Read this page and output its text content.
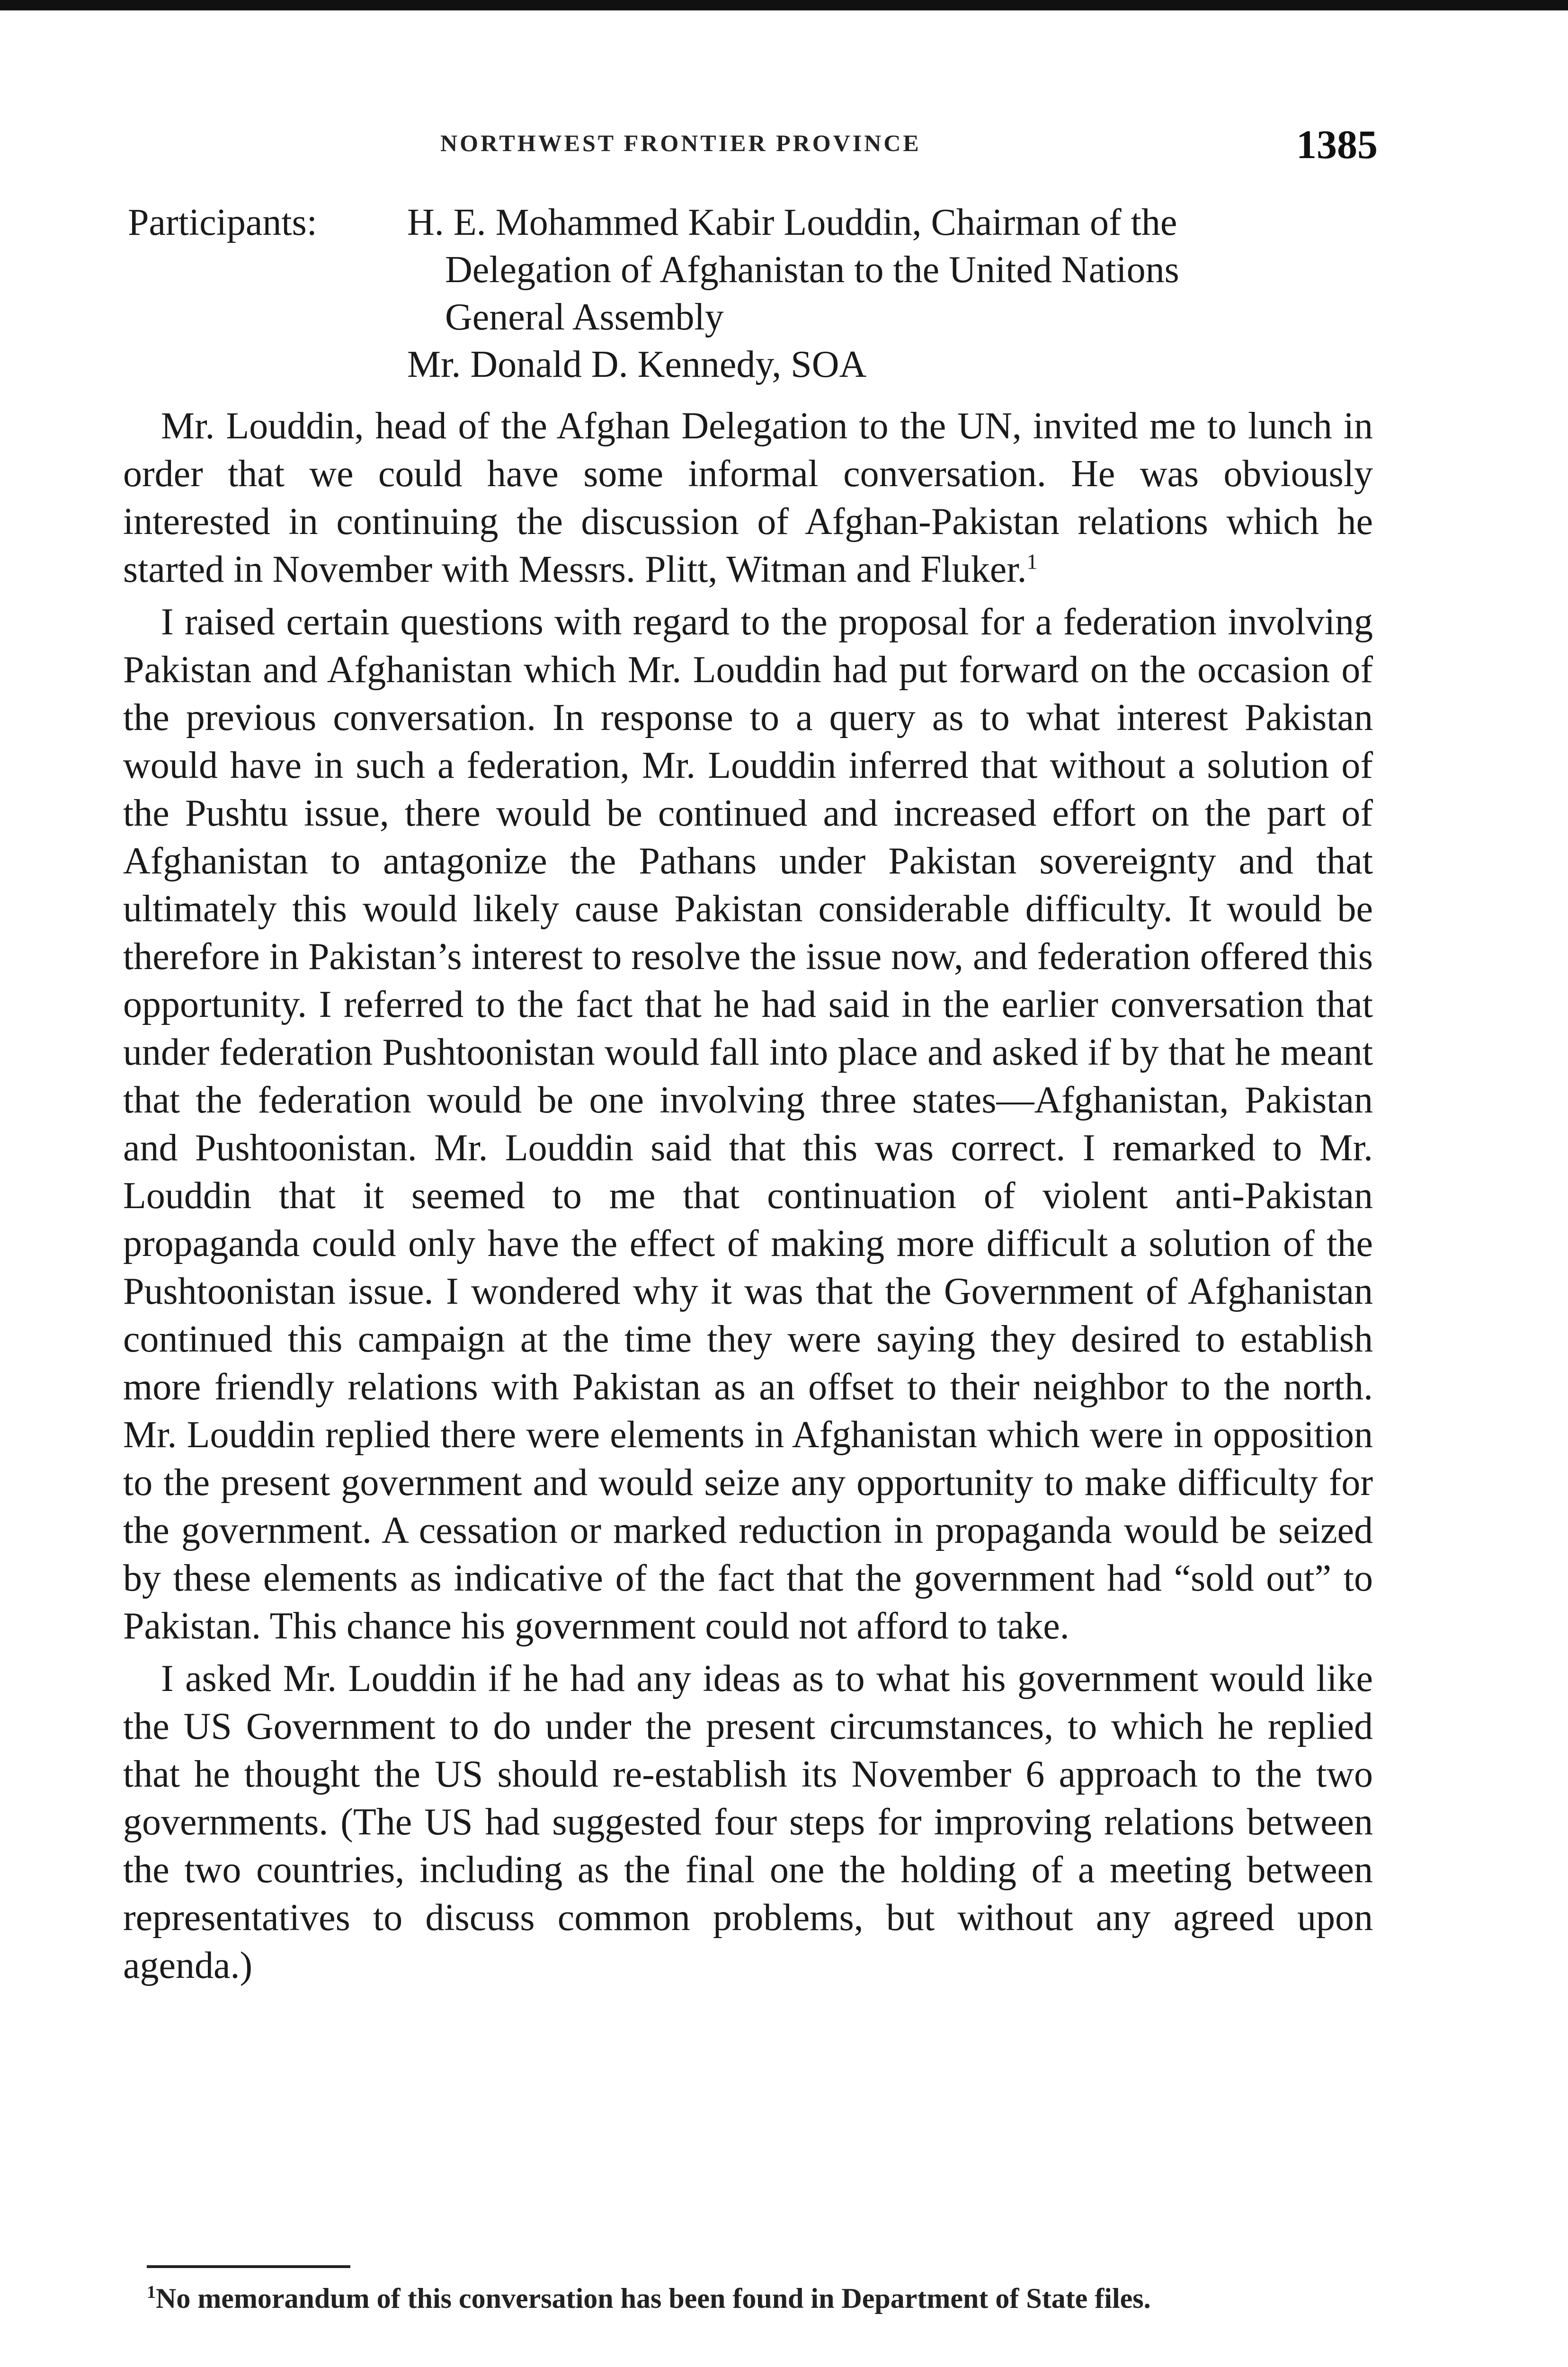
NORTHWEST FRONTIER PROVINCE	1385
Participants: H. E. Mohammed Kabir Louddin, Chairman of the
Delegation of Afghanistan to the United Nations
General Assembly
Mr. Donald D. Kennedy, SOA

Mr. Louddin, head of the Afghan Delegation to the UN, invited me to lunch in order that we could have some informal conversation. He was obviously interested in continuing the discussion of Afghan-Pakistan relations which he started in November with Messrs. Plitt, Witman and Fluker.$^1$

I raised certain questions with regard to the proposal for a federation involving Pakistan and Afghanistan which Mr. Louddin had put forward on the occasion of the previous conversation. In response to a query as to what interest Pakistan would have in such a federation, Mr. Louddin inferred that without a solution of the Pushtu issue, there would be continued and increased effort on the part of Afghanistan to antagonize the Pathans under Pakistan sovereignty and that ultimately this would likely cause Pakistan considerable difficulty. It would be therefore in Pakistan’s interest to resolve the issue now, and federation offered this opportunity. I referred to the fact that he had said in the earlier conversation that under federation Pushtoonistan would fall into place and asked if by that he meant that the federation would be one involving three states—Afghanistan, Pakistan and Pushtoonistan. Mr. Louddin said that this was correct. I remarked to Mr. Louddin that it seemed to me that continuation of violent anti-Pakistan propaganda could only have the effect of making more difficult a solution of the Pushtoonistan issue. I wondered why it was that the Government of Afghanistan continued this campaign at the time they were saying they desired to establish more friendly relations with Pakistan as an offset to their neighbor to the north. Mr. Louddin replied there were elements in Afghanistan which were in opposition to the present government and would seize any opportunity to make difficulty for the government. A cessation or marked reduction in propaganda would be seized by these elements as indicative of the fact that the government had “sold out” to Pakistan. This chance his government could not afford to take.

I asked Mr. Louddin if he had any ideas as to what his government would like the US Government to do under the present circumstances, to which he replied that he thought the US should re-establish its November 6 approach to the two governments. (The US had suggested four steps for improving relations between the two countries, including as the final one the holding of a meeting between representatives to discuss common problems, but without any agreed upon agenda.)

$^1$No memorandum of this conversation has been found in Department of State files.
